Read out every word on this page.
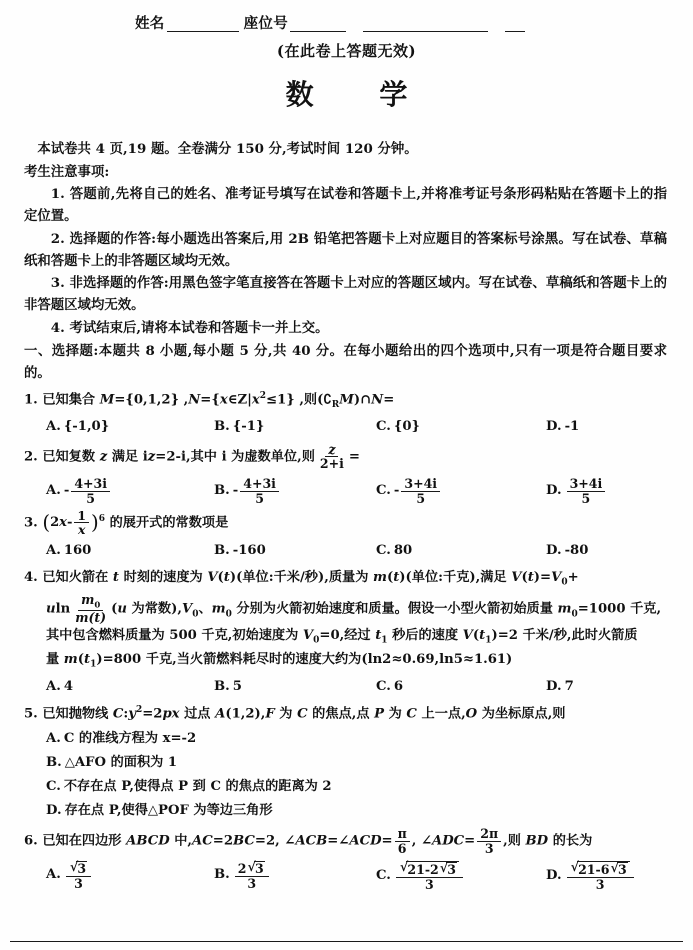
姓名	座位号
(在此卷上答题无效)
数 学

本试卷共 4 页,19 题。全卷满分 150 分,考试时间 120 分钟。

考生注意事项:

1. 答题前,先将自己的姓名、准考证号填写在试卷和答题卡上,并将准考证号条形码粘贴在答题卡上的指定位置。

2. 选择题的作答:每小题选出答案后,用 2B 铅笔把答题卡上对应题目的答案标号涂黑。写在试卷、草稿纸和答题卡上的非答题区域均无效。

3. 非选择题的作答:用黑色签字笔直接答在答题卡上对应的答题区域内。写在试卷、草稿纸和答题卡上的非答题区域均无效。

4. 考试结束后,请将本试卷和答题卡一并上交。

一、选择题:本题共 8 小题,每小题 5 分,共 40 分。在每小题给出的四个选项中,只有一项是符合题目要求的。

1. 已知集合 M={0,1,2} $,N=\{x\in Z|x^2\le 1\}$ ,则$(∁_RM)\cap N=$
A. {-1,0}	B. {-1}	C. {0}	D. -1
2. 已知复数 z 满足 iz=2-i,其中 i 为虚数单位,则 $\frac{z}{2+i}$ =
A. - $\frac{4+3i}{5}$	B. - $\frac{4+3i}{5}$	C. - $\frac{3+4i}{5}$	D. $\frac{3+4i}{5}$
3. ( 2 x - $\frac{1}{x} )^6$ 的展开式的常数项是
A. 160	B. -160	C. 80	D. -80
4. 已知火箭在 t 时刻的速度为 V(t)(单位:千米/秒),质量为 m(t)(单位:千克),满足 $V(t)=V_0+$
uln $\frac{m_0}{m(t)} (u$ 为常数)$,V_0$、$m_0$ 分别为火箭初始速度和质量。假设一小型火箭初始质量 $m_0=1000$ 千克,
其中包含燃料质量为 500 千克,初始速度为 $V_0=0$,经过 $t_1$ 秒后的速度 $V(t_1)=2$ 千米/秒,此时火箭质
量 $m(t_1)=800$ 千克,当火箭燃料耗尽时的速度大约为(ln2≈0.69,ln5≈1.61)
A. 4	B. 5	C. 6	D. 7
5. 已知抛物线 $C:y^2=2px$ 过点 A(1,2),F 为 C 的焦点,点 P 为 C 上一点,O 为坐标原点,则
A. C 的准线方程为 x=-2
B. △AFO 的面积为 1
C. 不存在点 P,使得点 P 到 C 的焦点的距离为 2
D. 存在点 P,使得△POF 为等边三角形
6. 已知在四边形 ABCD 中,AC=2BC=2, ∠ACB=∠ACD= $\frac{\pi}{6}$ , ∠ADC= $\frac{2\pi}{3}$ ,则 BD 的长为
A. √ $\frac{3}{3}$	B. $\frac{2 √ 3}{3}$	C. √ $\frac{21-2 √ 3}{3}$	D. √ $\frac{21-6 √ 3}{3}$
